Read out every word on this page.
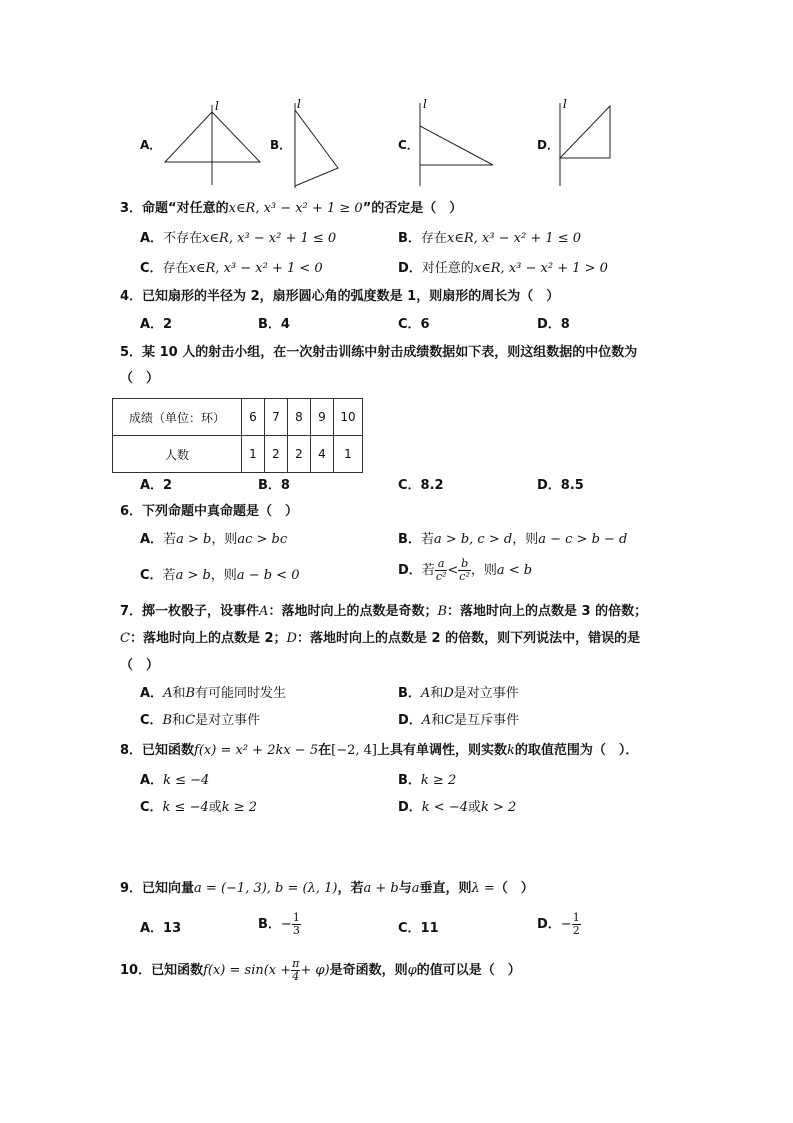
A．
l
B．
l
C．
l
D．
l
3．命题“对任意的x∈R, x³ − x² + 1 ≥ 0”的否定是（　）
A．不存在x∈R, x³ − x² + 1 ≤ 0	B．存在x∈R, x³ − x² + 1 ≤ 0
C．存在x∈R, x³ − x² + 1 < 0	D．对任意的x∈R, x³ − x² + 1 > 0
4．已知扇形的半径为 2，扇形圆心角的弧度数是 1，则扇形的周长为（　）
A．2	B．4	C．6	D．8
5．某 10 人的射击小组，在一次射击训练中射击成绩数据如下表，则这组数据的中位数为
（　）
成绩（单位：环）	6	7	8	9	10
人数	1	2	2	4	1
A．2	B．8	C．8.2	D．8.5
6．下列命题中真命题是（　）
A．若a > b，则ac > bc	B．若a > b, c > d，则a − c > b − d
C．若a > b，则a − b < 0	D．若 $\frac{a}{\text{c²}} < \frac{b}{\text{c²}}$ ，则a < b
7．掷一枚骰子，设事件A：落地时向上的点数是奇数；B：落地时向上的点数是 3 的倍数；
C：落地时向上的点数是 2；D：落地时向上的点数是 2 的倍数，则下列说法中，错误的是
（　）
A．A和B有可能同时发生	B．A和D是对立事件
C．B和C是对立事件	D．A和C是互斥事件
8．已知函数f(x) = x² + 2kx − 5在[−2, 4]上具有单调性，则实数k的取值范围为（　）．
A．k ≤ −4	B．k ≥ 2
C．k ≤ −4或k ≥ 2	D．k < −4或k > 2
9．已知向量a = (−1, 3), b = (λ, 1)，若a + b与a垂直，则λ =（　）
A．13	B．− $\frac{1}{3}$	C．11	D．− $\frac{1}{2}$
10．已知函数$f(x) = \sin(x + \frac{\pi}{4} + \varphi)$是奇函数，则φ的值可以是（　）
